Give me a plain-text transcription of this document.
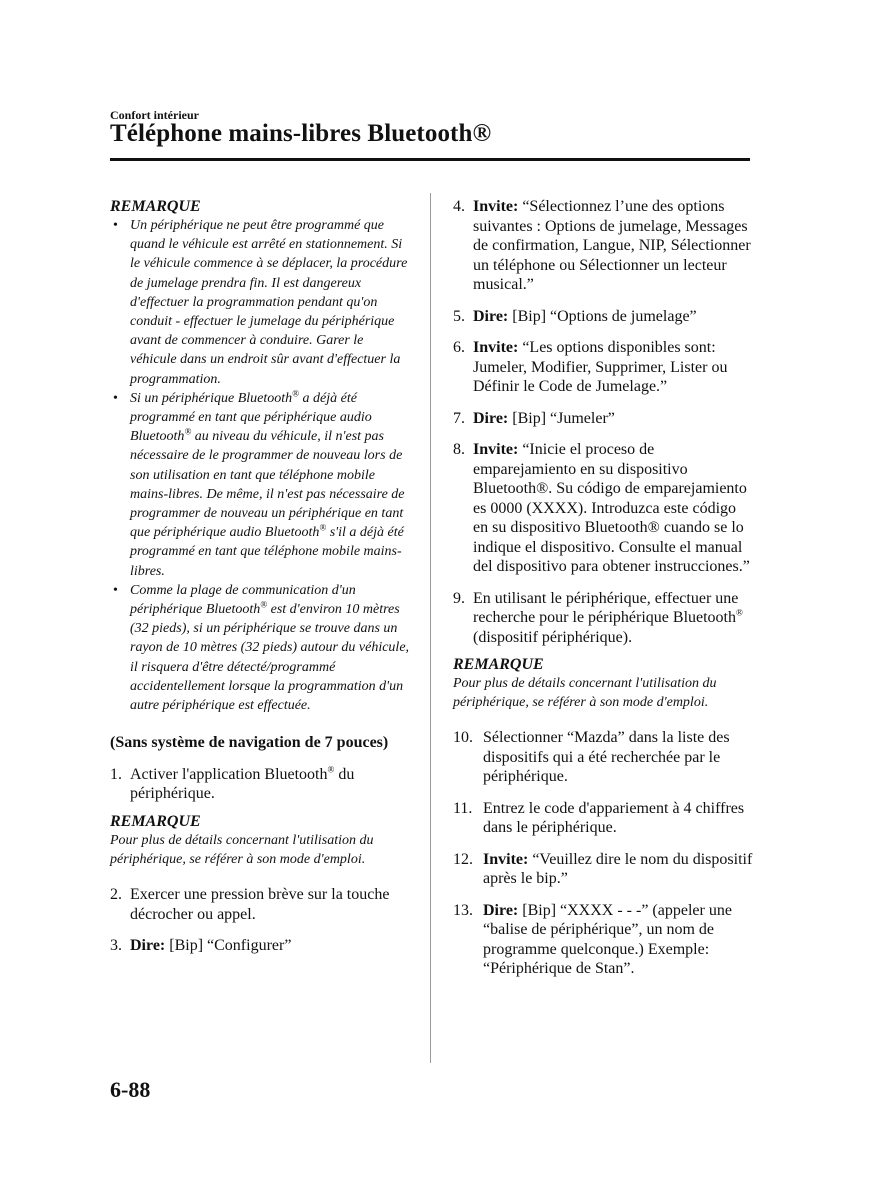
Confort intérieur
Téléphone mains-libres Bluetooth®

REMARQUE

• Un périphérique ne peut être programmé que quand le véhicule est arrêté en stationnement. Si le véhicule commence à se déplacer, la procédure de jumelage prendra fin. Il est dangereux d'effectuer la programmation pendant qu'on conduit - effectuer le jumelage du périphérique avant de commencer à conduire. Garer le véhicule dans un endroit sûr avant d'effectuer la programmation.
• Si un périphérique Bluetooth® a déjà été programmé en tant que périphérique audio Bluetooth® au niveau du véhicule, il n'est pas nécessaire de le programmer de nouveau lors de son utilisation en tant que téléphone mobile mains-libres. De même, il n'est pas nécessaire de programmer de nouveau un périphérique en tant que périphérique audio Bluetooth® s'il a déjà été programmé en tant que téléphone mobile mains-libres.
• Comme la plage de communication d'un périphérique Bluetooth® est d'environ 10 mètres (32 pieds), si un périphérique se trouve dans un rayon de 10 mètres (32 pieds) autour du véhicule, il risquera d'être détecté/programmé accidentellement lorsque la programmation d'un autre périphérique est effectuée.

(Sans système de navigation de 7 pouces)

1. Activer l'application Bluetooth® du périphérique.

REMARQUE

Pour plus de détails concernant l'utilisation du périphérique, se référer à son mode d'emploi.

2. Exercer une pression brève sur la touche décrocher ou appel.

3. Dire: [Bip] “Configurer”

4. Invite: “Sélectionnez l’une des options suivantes : Options de jumelage, Messages de confirmation, Langue, NIP, Sélectionner un téléphone ou Sélectionner un lecteur musical.”

5. Dire: [Bip] “Options de jumelage”

6. Invite: “Les options disponibles sont: Jumeler, Modifier, Supprimer, Lister ou Définir le Code de Jumelage.”

7. Dire: [Bip] “Jumeler”

8. Invite: “Inicie el proceso de emparejamiento en su dispositivo Bluetooth®. Su código de emparejamiento es 0000 (XXXX). Introduzca este código en su dispositivo Bluetooth® cuando se lo indique el dispositivo. Consulte el manual del dispositivo para obtener instrucciones.”

9. En utilisant le périphérique, effectuer une recherche pour le périphérique Bluetooth® (dispositif périphérique).

REMARQUE

Pour plus de détails concernant l'utilisation du périphérique, se référer à son mode d'emploi.

10. Sélectionner “Mazda” dans la liste des dispositifs qui a été recherchée par le périphérique.

11. Entrez le code d'appariement à 4 chiffres dans le périphérique.

12. Invite: “Veuillez dire le nom du dispositif après le bip.”

13. Dire: [Bip] “XXXX - - -” (appeler une “balise de périphérique”, un nom de programme quelconque.) Exemple: “Périphérique de Stan”.

6-88
